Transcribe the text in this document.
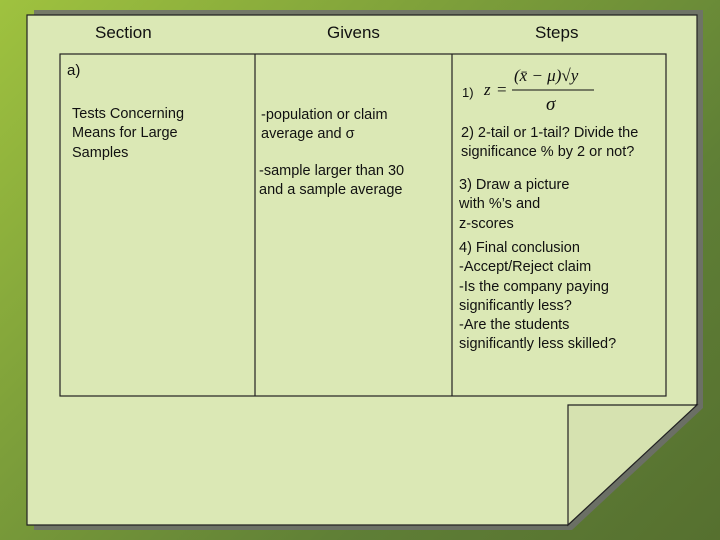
Section	Givens	Steps
a)
Tests Concerning
Means for Large
Samples
-population or claim
average and σ
-sample larger than 30
and a sample average
1) z =
(x̄ − μ)√y
σ
2) 2-tail or 1-tail? Divide the
significance % by 2 or not?
3) Draw a picture
with %’s and
z-scores
4) Final conclusion
-Accept/Reject claim
-Is the company paying
significantly less?
-Are the students
significantly less skilled?
